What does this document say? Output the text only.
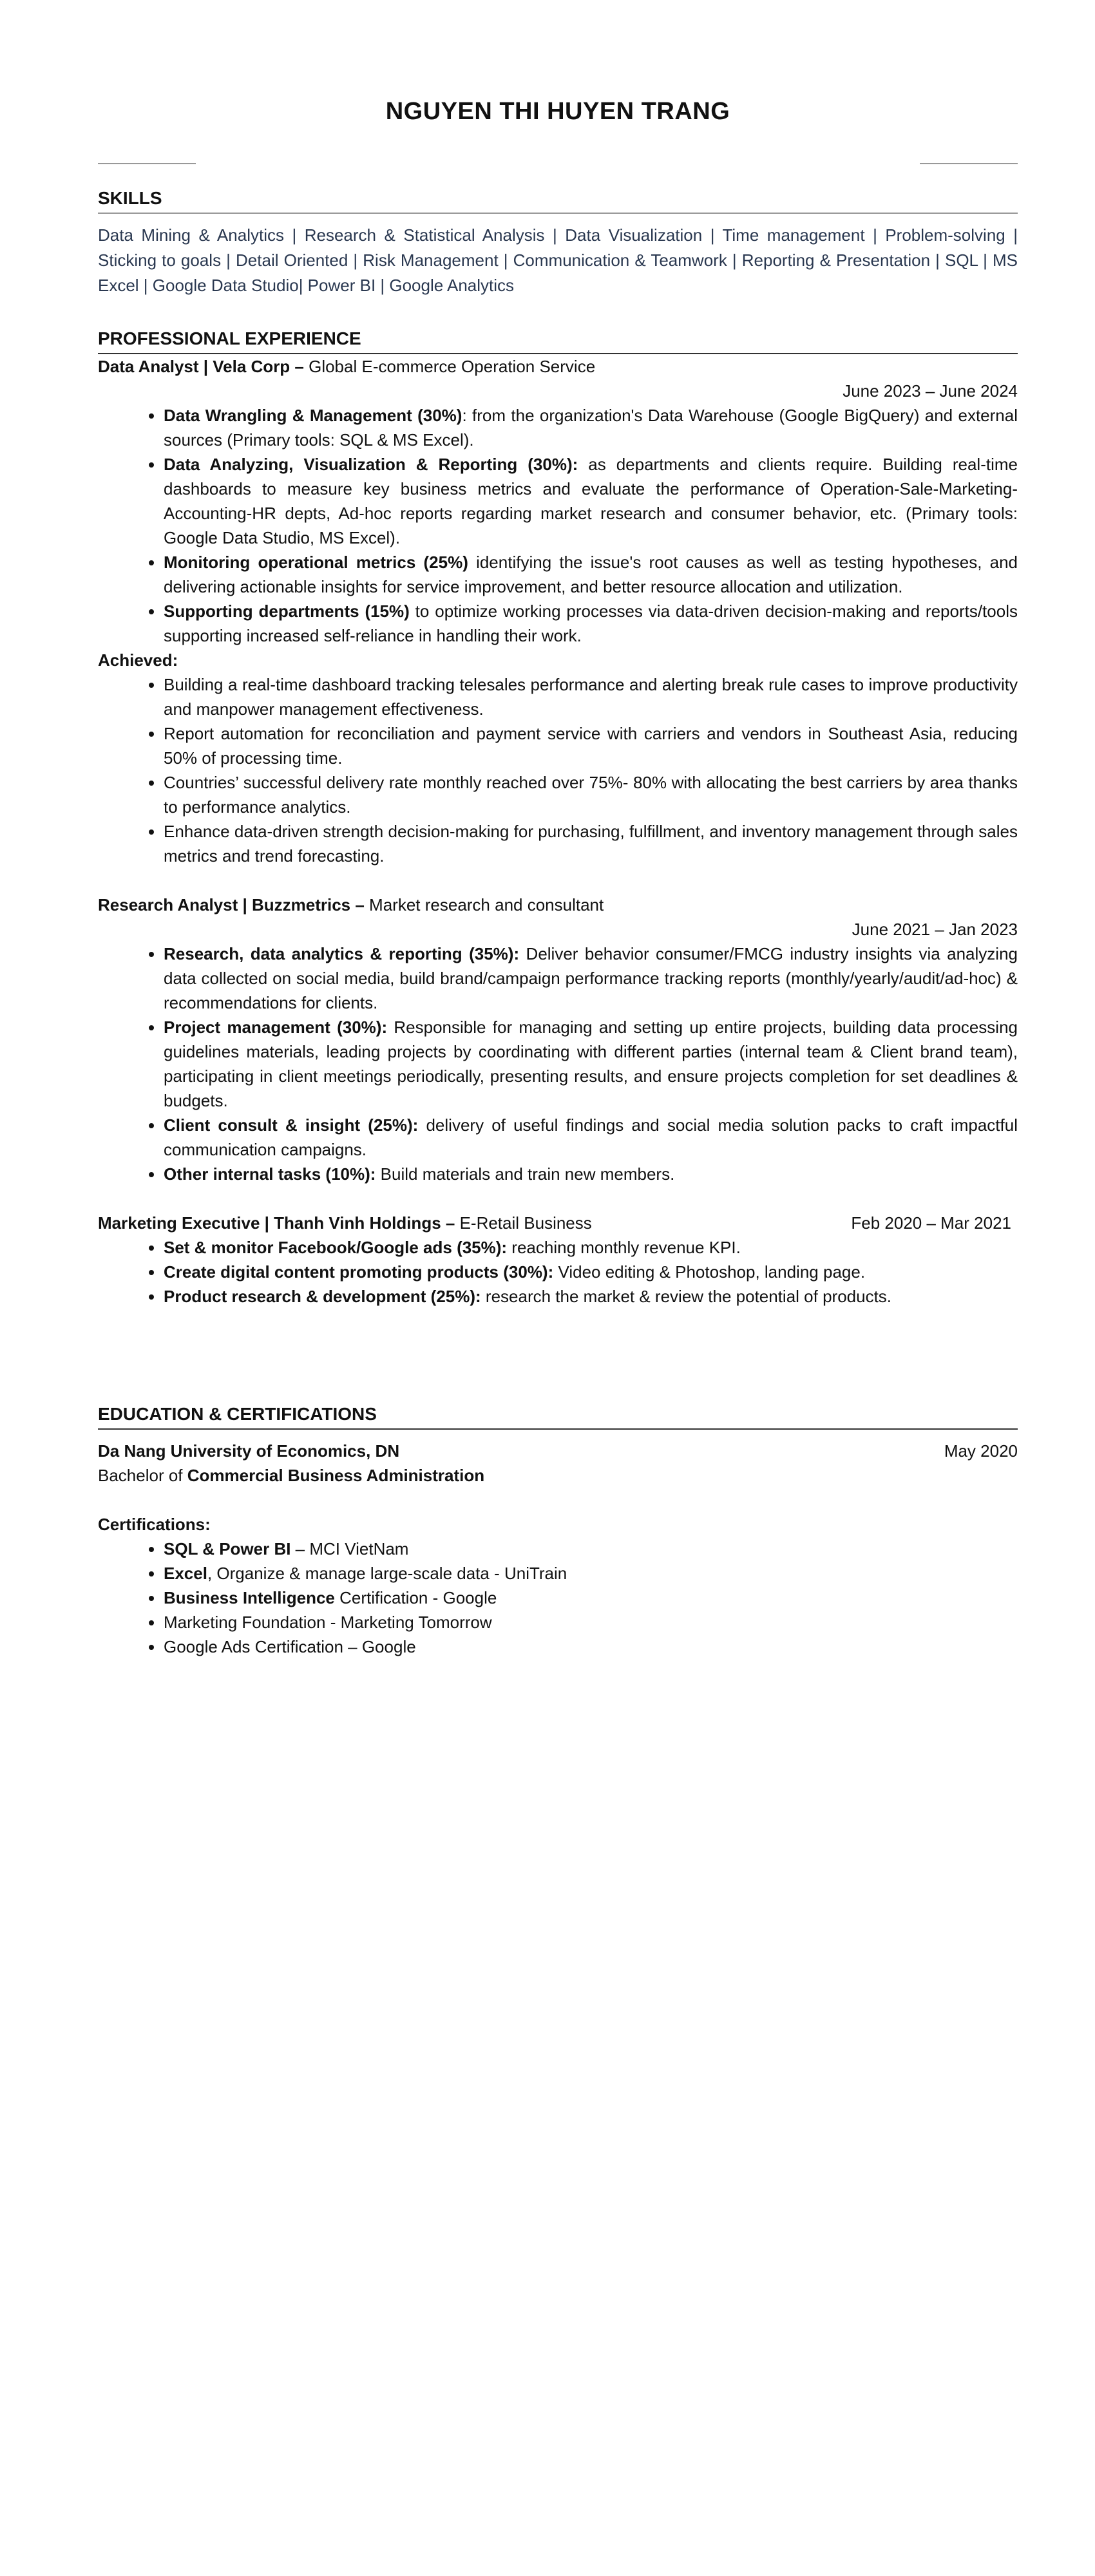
NGUYEN THI HUYEN TRANG
SKILLS
Data Mining & Analytics | Research & Statistical Analysis | Data Visualization | Time management | Problem-solving | Sticking to goals | Detail Oriented | Risk Management | Communication & Teamwork | Reporting & Presentation | SQL | MS Excel | Google Data Studio| Power BI | Google Analytics
PROFESSIONAL EXPERIENCE
Data Analyst | Vela Corp – Global E-commerce Operation Service
June 2023 – June 2024
• Data Wrangling & Management (30%): from the organization's Data Warehouse (Google BigQuery) and external sources (Primary tools: SQL & MS Excel).
• Data Analyzing, Visualization & Reporting (30%): as departments and clients require. Building real-time dashboards to measure key business metrics and evaluate the performance of Operation-Sale-Marketing-Accounting-HR depts, Ad-hoc reports regarding market research and consumer behavior, etc. (Primary tools: Google Data Studio, MS Excel).
• Monitoring operational metrics (25%) identifying the issue's root causes as well as testing hypotheses, and delivering actionable insights for service improvement, and better resource allocation and utilization.
• Supporting departments (15%) to optimize working processes via data-driven decision-making and reports/tools supporting increased self-reliance in handling their work.
Achieved:
• Building a real-time dashboard tracking telesales performance and alerting break rule cases to improve productivity and manpower management effectiveness.
• Report automation for reconciliation and payment service with carriers and vendors in Southeast Asia, reducing 50% of processing time.
• Countries’ successful delivery rate monthly reached over 75%- 80% with allocating the best carriers by area thanks to performance analytics.
• Enhance data-driven strength decision-making for purchasing, fulfillment, and inventory management through sales metrics and trend forecasting.
Research Analyst | Buzzmetrics – Market research and consultant
June 2021 – Jan 2023
• Research, data analytics & reporting (35%): Deliver behavior consumer/FMCG industry insights via analyzing data collected on social media, build brand/campaign performance tracking reports (monthly/yearly/audit/ad-hoc) & recommendations for clients.
• Project management (30%): Responsible for managing and setting up entire projects, building data processing guidelines materials, leading projects by coordinating with different parties (internal team & Client brand team), participating in client meetings periodically, presenting results, and ensure projects completion for set deadlines & budgets.
• Client consult & insight (25%): delivery of useful findings and social media solution packs to craft impactful communication campaigns.
• Other internal tasks (10%): Build materials and train new members.
Marketing Executive | Thanh Vinh Holdings – E-Retail Business	Feb 2020 – Mar 2021
• Set & monitor Facebook/Google ads (35%): reaching monthly revenue KPI.
• Create digital content promoting products (30%): Video editing & Photoshop, landing page.
• Product research & development (25%): research the market & review the potential of products.
EDUCATION & CERTIFICATIONS
Da Nang University of Economics, DN	May 2020
Bachelor of Commercial Business Administration
Certifications:
• SQL & Power BI – MCI VietNam
• Excel, Organize & manage large-scale data - UniTrain
• Business Intelligence Certification - Google
• Marketing Foundation - Marketing Tomorrow
• Google Ads Certification – Google
